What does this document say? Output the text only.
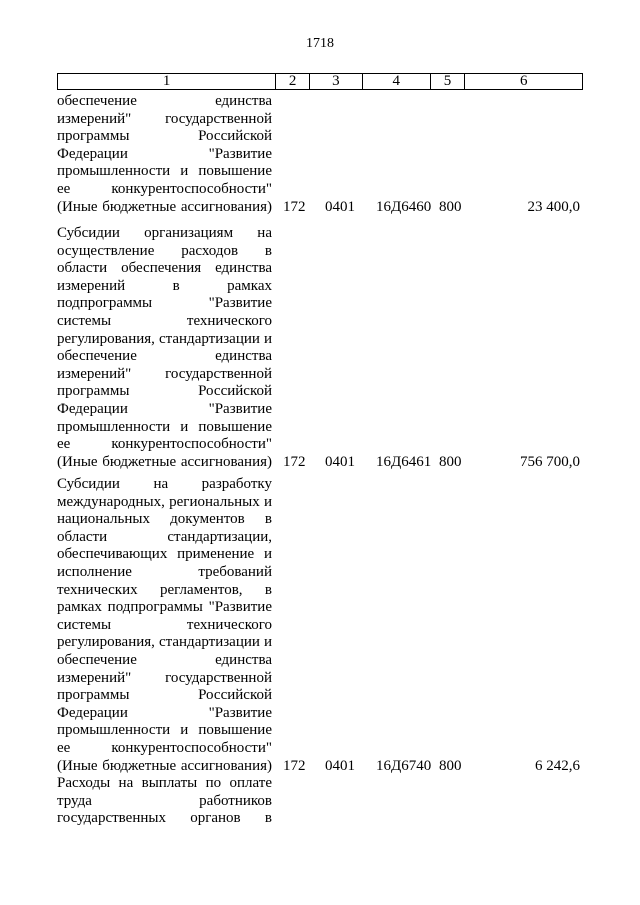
1718
1	2	3	4	5	6
обеспечение единства
измерений" государственной
программы Российской
Федерации "Развитие
промышленности и повышение
ее конкурентоспособности"
(Иные бюджетные ассигнования) 172 0401 16Д6460 800	23 400,0
Субсидии организациям на
осуществление расходов в
области обеспечения единства
измерений в рамках
подпрограммы "Развитие
системы технического
регулирования, стандартизации и
обеспечение единства
измерений" государственной
программы Российской
Федерации "Развитие
промышленности и повышение
ее конкурентоспособности"
(Иные бюджетные ассигнования) 172 0401 16Д6461 800	756 700,0
Субсидии на разработку
международных, региональных и
национальных документов в
области стандартизации,
обеспечивающих применение и
исполнение требований
технических регламентов, в
рамках подпрограммы "Развитие
системы технического
регулирования, стандартизации и
обеспечение единства
измерений" государственной
программы Российской
Федерации "Развитие
промышленности и повышение
ее конкурентоспособности"
(Иные бюджетные ассигнования) 172 0401 16Д6740 800	6 242,6
Расходы на выплаты по оплате
труда работников
государственных органов в
